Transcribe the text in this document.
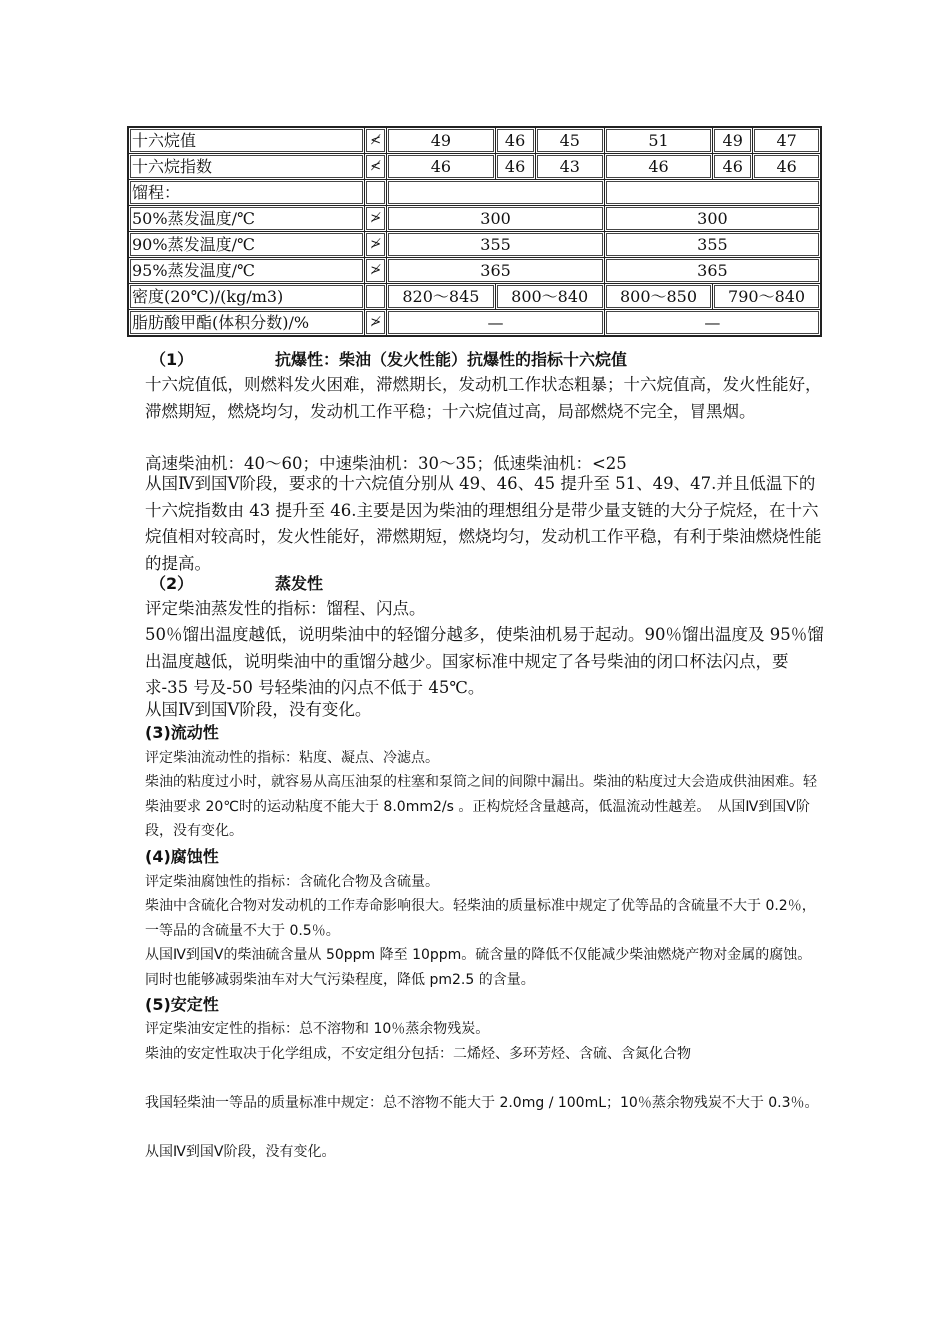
十六烷值	≮	49	46	45	51	49	47
十六烷指数	≮	46	46	43	46	46	46
馏程：							
50%蒸发温度/℃	≯	300			300		
90%蒸发温度/℃	≯	355			355		
95%蒸发温度/℃	≯	365			365		
密度(20℃)/(kg/m3)		820～845	800～840		800～850	790～840	
脂肪酸甲酯(体积分数)/%	≯	—			—		
（1）	抗爆性：柴油（发火性能）抗爆性的指标十六烷值

十六烷值低，则燃料发火困难，滞燃期长，发动机工作状态粗暴；十六烷值高，发火性能好，滞燃期短，燃烧均匀，发动机工作平稳；十六烷值过高，局部燃烧不完全，冒黑烟。

高速柴油机：40～60；中速柴油机：30～35；低速柴油机：<25

从国Ⅳ到国Ⅴ阶段，要求的十六烷值分别从 49、46、45 提升至 51、49、47.并且低温下的十六烷指数由 43 提升至 46.主要是因为柴油的理想组分是带少量支链的大分子烷烃，在十六烷值相对较高时，发火性能好，滞燃期短，燃烧均匀，发动机工作平稳，有利于柴油燃烧性能的提高。

（2）	蒸发性

评定柴油蒸发性的指标：馏程、闪点。

50％馏出温度越低，说明柴油中的轻馏分越多，使柴油机易于起动。90％馏出温度及 95％馏出温度越低，说明柴油中的重馏分越少。国家标准中规定了各号柴油的闭口杯法闪点，要求-35 号及-50 号轻柴油的闪点不低于 45℃。

从国Ⅳ到国Ⅴ阶段，没有变化。

(3)流动性

评定柴油流动性的指标：粘度、凝点、冷滤点。

柴油的粘度过小时，就容易从高压油泵的柱塞和泵筒之间的间隙中漏出。柴油的粘度过大会造成供油困难。轻柴油要求 20℃时的运动粘度不能大于 8.0mm2/s 。正构烷烃含量越高，低温流动性越差。　从国Ⅳ到国Ⅴ阶段，没有变化。

(4)腐蚀性

评定柴油腐蚀性的指标：含硫化合物及含硫量。

柴油中含硫化合物对发动机的工作寿命影响很大。轻柴油的质量标准中规定了优等品的含硫量不大于 0.2％，一等品的含硫量不大于 0.5％。

从国Ⅳ到国Ⅴ的柴油硫含量从 50ppm 降至 10ppm。硫含量的降低不仅能减少柴油燃烧产物对金属的腐蚀。同时也能够减弱柴油车对大气污染程度，降低 pm2.5 的含量。

(5)安定性

评定柴油安定性的指标：总不溶物和 10％蒸余物残炭。

柴油的安定性取决于化学组成，不安定组分包括：二烯烃、多环芳烃、含硫、含氮化合物

我国轻柴油一等品的质量标准中规定：总不溶物不能大于 2.0mg / 100mL；10％蒸余物残炭不大于 0.3％。

从国Ⅳ到国Ⅴ阶段，没有变化。
